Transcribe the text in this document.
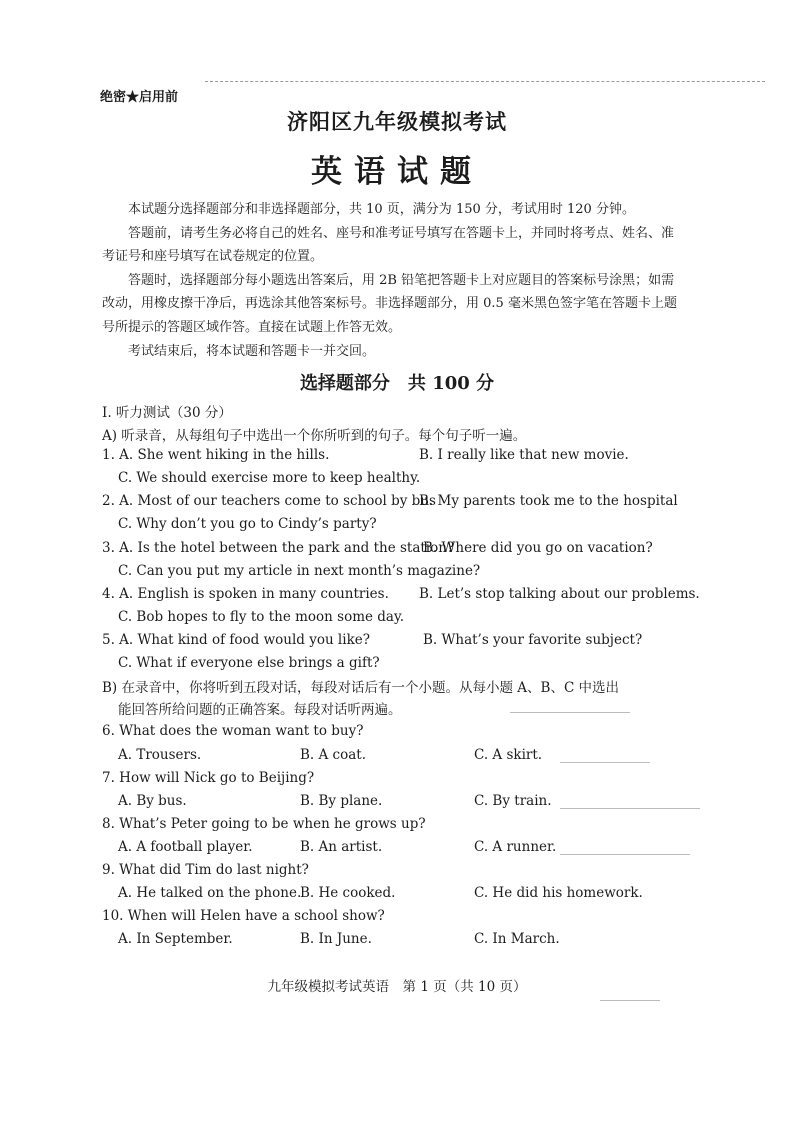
绝密★启用前
济阳区九年级模拟考试
英语试题

本试题分选择题部分和非选择题部分，共 10 页，满分为 150 分，考试用时 120 分钟。

答题前，请考生务必将自己的姓名、座号和准考证号填写在答题卡上，并同时将考点、姓名、准考证号和座号填写在试卷规定的位置。

答题时，选择题部分每小题选出答案后，用 2B 铅笔把答题卡上对应题目的答案标号涂黑；如需改动，用橡皮擦干净后，再选涂其他答案标号。非选择题部分，用 0.5 毫米黑色签字笔在答题卡上题号所提示的答题区域作答。直接在试题上作答无效。

考试结束后，将本试题和答题卡一并交回。

选择题部分　共 100 分
I. 听力测试（30 分）
A) 听录音，从每组句子中选出一个你所听到的句子。每个句子听一遍。
1. A. She went hiking in the hills.	B. I really like that new movie.
C. We should exercise more to keep healthy.
2. A. Most of our teachers come to school by bus
B. My parents took me to the hospital
C. Why don’t you go to Cindy’s party?
3. A. Is the hotel between the park and the station?
B. Where did you go on vacation?
C. Can you put my article in next month’s magazine?
4. A. English is spoken in many countries. B. Let’s stop talking about our problems.
C. Bob hopes to fly to the moon some day.
5. A. What kind of food would you like?	B. What’s your favorite subject?
C. What if everyone else brings a gift?
B) 在录音中，你将听到五段对话，每段对话后有一个小题。从每小题 A、B、C 中选出
能回答所给问题的正确答案。每段对话听两遍。
6. What does the woman want to buy?
A. Trousers.	B. A coat.	C. A skirt.
7. How will Nick go to Beijing?
A. By bus.	B. By plane.	C. By train.
8. What’s Peter going to be when he grows up?
A. A football player.	B. An artist.	C. A runner.
9. What did Tim do last night?
A. He talked on the phone.
B. He cooked.	C. He did his homework.
10. When will Helen have a school show?
A. In September.	B. In June.	C. In March.
九年级模拟考试英语　第 1 页（共 10 页）
